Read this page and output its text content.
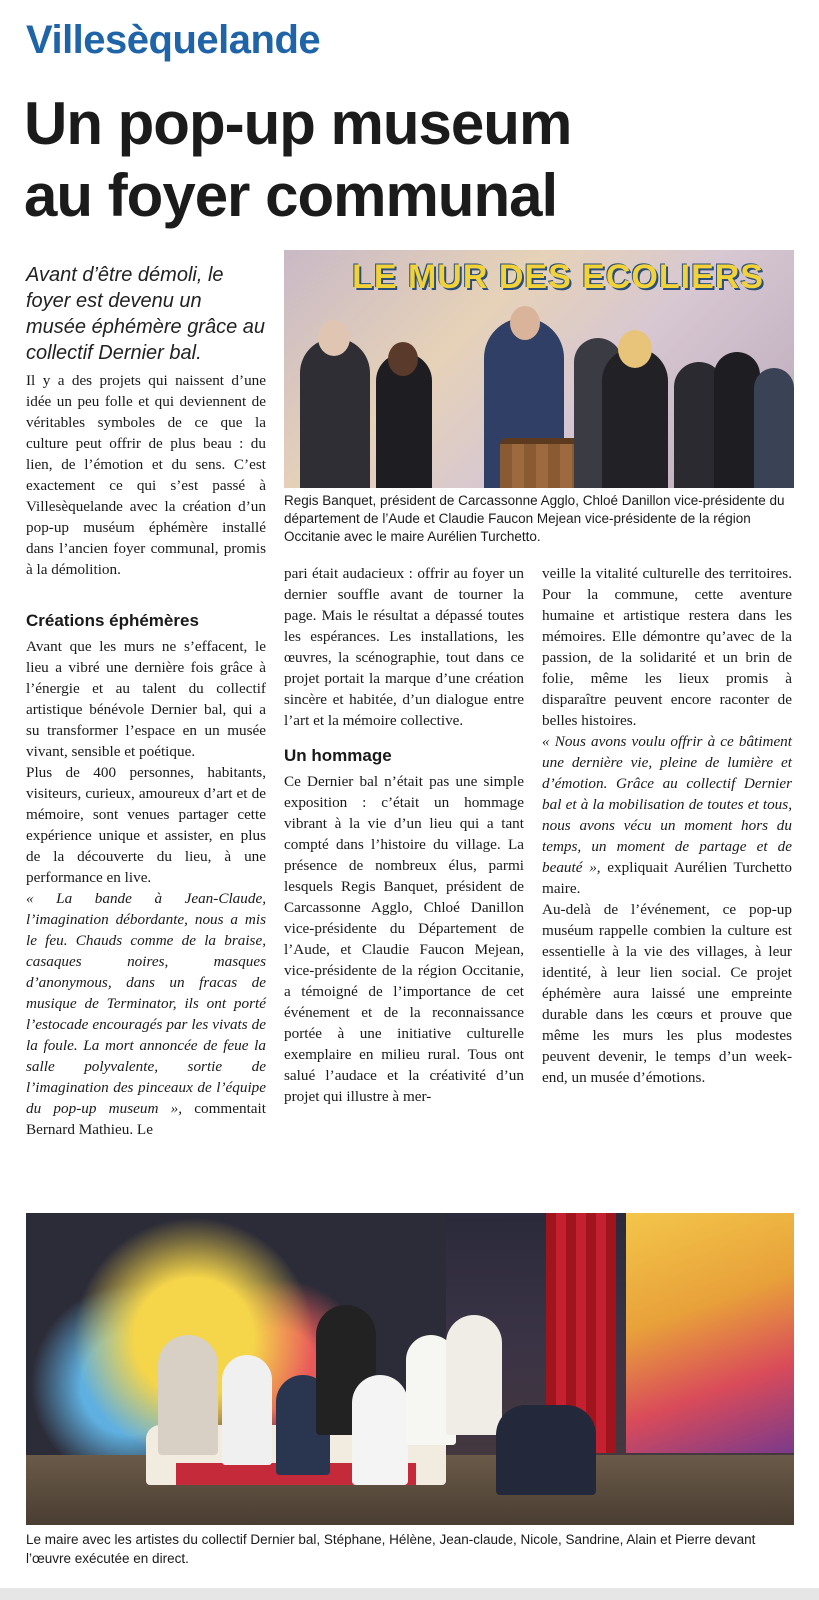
Villesèquelande
Un pop-up museum
au foyer communal
Avant d’être démoli, le foyer est devenu un musée éphémère grâce au collectif Dernier bal.
LE MUR DES ECOLIERS
Regis Banquet, président de Carcassonne Agglo, Chloé Danillon vice-présidente du département de l’Aude et Claudie Faucon Mejean vice-présidente de la région Occitanie avec le maire Aurélien Turchetto.

Il y a des projets qui naissent d’une idée un peu folle et qui deviennent de véritables symboles de ce que la culture peut offrir de plus beau : du lien, de l’émotion et du sens. C’est exactement ce qui s’est passé à Villesèquelande avec la création d’un pop-up muséum éphémère installé dans l’ancien foyer communal, promis à la démolition.

Créations éphémères

Avant que les murs ne s’effacent, le lieu a vibré une dernière fois grâce à l’énergie et au talent du collectif artistique bénévole Dernier bal, qui a su transformer l’espace en un musée vivant, sensible et poétique.

Plus de 400 personnes, habitants, visiteurs, curieux, amoureux d’art et de mémoire, sont venues partager cette expérience unique et assister, en plus de la découverte du lieu, à une performance en live.

« La bande à Jean-Claude, l’imagination débordante, nous a mis le feu. Chauds comme de la braise, casaques noires, masques d’anonymous, dans un fracas de musique de Terminator, ils ont porté l’estocade encouragés par les vivats de la foule. La mort annoncée de feue la salle polyvalente, sortie de l’imagination des pinceaux de l’équipe du pop-up museum », commentait Bernard Mathieu. Le

pari était audacieux : offrir au foyer un dernier souffle avant de tourner la page. Mais le résultat a dépassé toutes les espérances. Les installations, les œuvres, la scénographie, tout dans ce projet portait la marque d’une création sincère et habitée, d’un dialogue entre l’art et la mémoire collective.

Un hommage

Ce Dernier bal n’était pas une simple exposition : c’était un hommage vibrant à la vie d’un lieu qui a tant compté dans l’histoire du village. La présence de nombreux élus, parmi lesquels Regis Banquet, président de Carcassonne Agglo, Chloé Danillon vice-présidente du Département de l’Aude, et Claudie Faucon Mejean, vice-présidente de la région Occitanie, a témoigné de l’importance de cet événement et de la reconnaissance portée à une initiative culturelle exemplaire en milieu rural. Tous ont salué l’audace et la créativité d’un projet qui illustre à mer-

veille la vitalité culturelle des territoires. Pour la commune, cette aventure humaine et artistique restera dans les mémoires. Elle démontre qu’avec de la passion, de la solidarité et un brin de folie, même les lieux promis à disparaître peuvent encore raconter de belles histoires.

« Nous avons voulu offrir à ce bâtiment une dernière vie, pleine de lumière et d’émotion. Grâce au collectif Dernier bal et à la mobilisation de toutes et tous, nous avons vécu un moment hors du temps, un moment de partage et de beauté », expliquait Aurélien Turchetto maire.

Au-delà de l’événement, ce pop-up muséum rappelle combien la culture est essentielle à la vie des villages, à leur identité, à leur lien social. Ce projet éphémère aura laissé une empreinte durable dans les cœurs et prouve que même les murs les plus modestes peuvent devenir, le temps d’un week-end, un musée d’émotions.

Le maire avec les artistes du collectif Dernier bal, Stéphane, Hélène, Jean-claude, Nicole, Sandrine, Alain et Pierre devant l’œuvre exécutée en direct.
